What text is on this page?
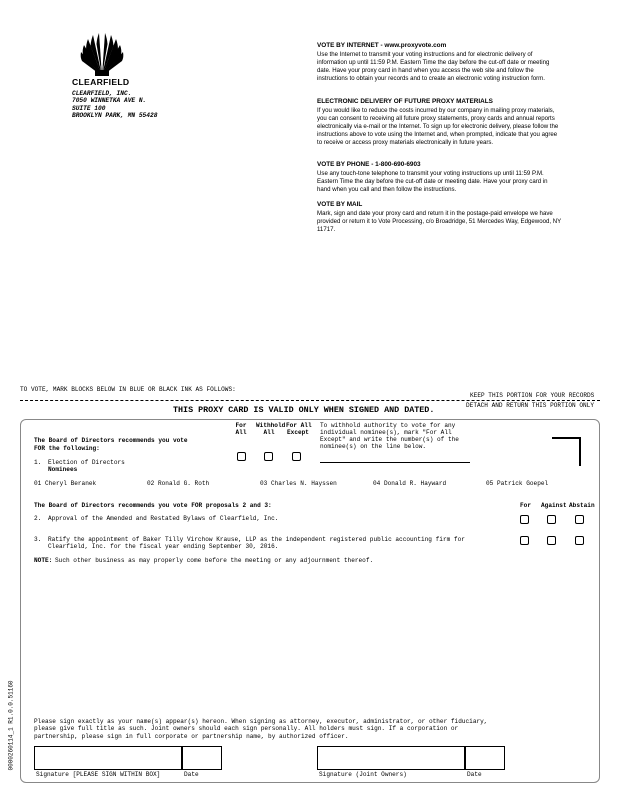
CLEARFIELD
CLEARFIELD, INC.
7050 WINNETKA AVE N.
SUITE 100
BROOKLYN PARK, MN 55428
VOTE BY INTERNET - www.proxyvote.com
Use the Internet to transmit your voting instructions and for electronic delivery of information up until 11:59 P.M. Eastern Time the day before the cut-off date or meeting date. Have your proxy card in hand when you access the web site and follow the instructions to obtain your records and to create an electronic voting instruction form.
ELECTRONIC DELIVERY OF FUTURE PROXY MATERIALS
If you would like to reduce the costs incurred by our company in mailing proxy materials, you can consent to receiving all future proxy statements, proxy cards and annual reports electronically via e-mail or the Internet. To sign up for electronic delivery, please follow the instructions above to vote using the Internet and, when prompted, indicate that you agree to receive or access proxy materials electronically in future years.
VOTE BY PHONE - 1-800-690-6903
Use any touch-tone telephone to transmit your voting instructions up until 11:59 P.M. Eastern Time the day before the cut-off date or meeting date. Have your proxy card in hand when you call and then follow the instructions.
VOTE BY MAIL
Mark, sign and date your proxy card and return it in the postage-paid envelope we have provided or return it to Vote Processing, c/o Broadridge, 51 Mercedes Way, Edgewood, NY 11717.
TO VOTE, MARK BLOCKS BELOW IN BLUE OR BLACK INK AS FOLLOWS:
KEEP THIS PORTION FOR YOUR RECORDS
DETACH AND RETURN THIS PORTION ONLY
THIS PROXY CARD IS VALID ONLY WHEN SIGNED AND DATED.
The Board of Directors recommends you vote
FOR the following:
For
All
Withhold
All
For All
Except
To withhold authority to vote for any
individual nominee(s), mark "For All
Except" and write the number(s) of the
nominee(s) on the line below.
1. Election of Directors
Nominees
01 Cheryl Beranek	02 Ronald G. Roth	03 Charles N. Hayssen	04 Donald R. Hayward	05 Patrick Goepel
The Board of Directors recommends you vote FOR proposals 2 and 3:	For Against Abstain
2. Approval of the Amended and Restated Bylaws of Clearfield, Inc.
3. Ratify the appointment of Baker Tilly Virchow Krause, LLP as the independent registered public accounting firm for
Clearfield, Inc. for the fiscal year ending September 30, 2016.
NOTE: Such other business as may properly come before the meeting or any adjournment thereof.
Please sign exactly as your name(s) appear(s) hereon. When signing as attorney, executor, administrator, or other fiduciary,
please give full title as such. Joint owners should each sign personally. All holders must sign. If a corporation or
partnership, please sign in full corporate or partnership name, by authorized officer.
Signature [PLEASE SIGN WITHIN BOX]	Date	Signature (Joint Owners)	Date
0000260114_1 R1.0.0.51160
